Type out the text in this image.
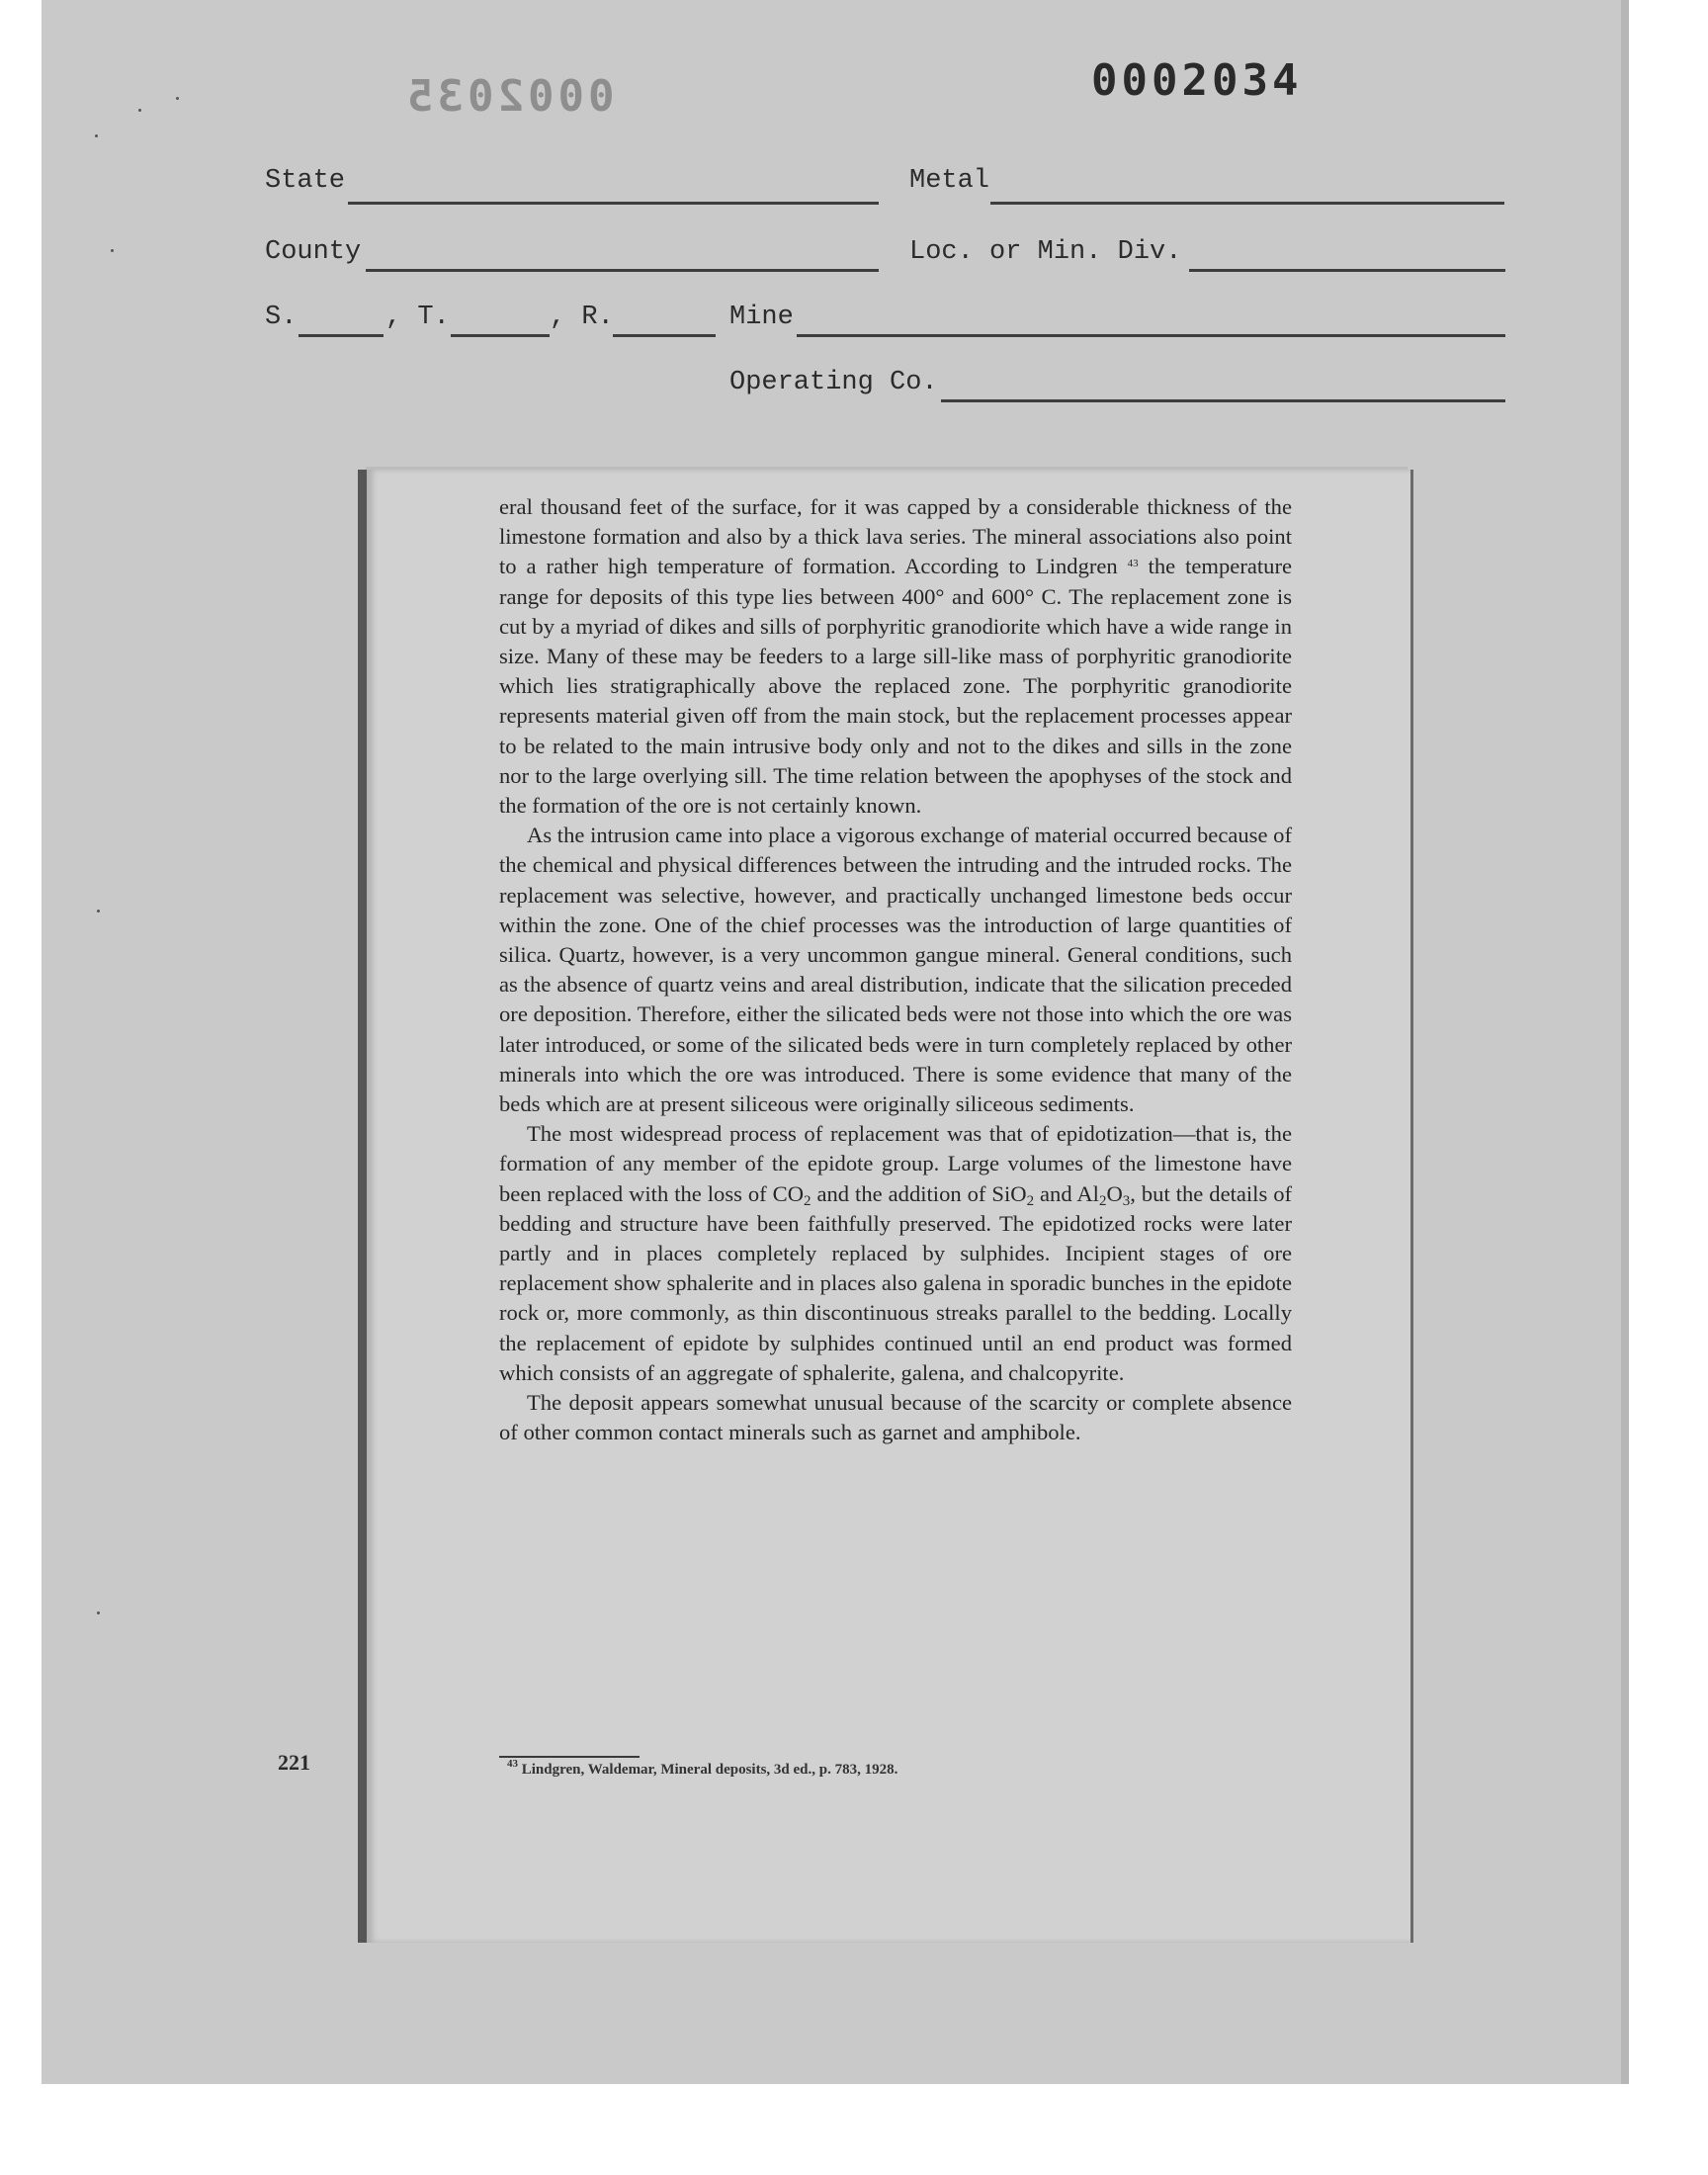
0002034
0002035
State	Metal
County	Loc. or Min. Div.
S.	, T.	, R.	Mine
Operating Co.

eral thousand feet of the surface, for it was capped by a considerable thickness of the limestone formation and also by a thick lava series. The mineral associations also point to a rather high temperature of formation. According to Lindgren $^{43}$ the temperature range for deposits of this type lies between 400° and 600° C. The replacement zone is cut by a myriad of dikes and sills of porphyritic granodiorite which have a wide range in size. Many of these may be feeders to a large sill-like mass of porphyritic granodiorite which lies stratigraphically above the replaced zone. The porphyritic granodiorite represents material given off from the main stock, but the replacement processes appear to be related to the main intrusive body only and not to the dikes and sills in the zone nor to the large overlying sill. The time relation between the apophyses of the stock and the formation of the ore is not certainly known.

As the intrusion came into place a vigorous exchange of material occurred because of the chemical and physical differences between the intruding and the intruded rocks. The replacement was selective, however, and practically unchanged limestone beds occur within the zone. One of the chief processes was the introduction of large quantities of silica. Quartz, however, is a very uncommon gangue mineral. General conditions, such as the absence of quartz veins and areal distribution, indicate that the silication preceded ore deposition. Therefore, either the silicated beds were not those into which the ore was later introduced, or some of the silicated beds were in turn completely replaced by other minerals into which the ore was introduced. There is some evidence that many of the beds which are at present siliceous were originally siliceous sediments.

The most widespread process of replacement was that of epidotization—that is, the formation of any member of the epidote group. Large volumes of the limestone have been replaced with the loss of $CO_2$ and the addition of SiO$_2$ and $Al_2O_3$, but the details of bedding and structure have been faithfully preserved. The epidotized rocks were later partly and in places completely replaced by sulphides. Incipient stages of ore replacement show sphalerite and in places also galena in sporadic bunches in the epidote rock or, more commonly, as thin discontinuous streaks parallel to the bedding. Locally the replacement of epidote by sulphides continued until an end product was formed which consists of an aggregate of sphalerite, galena, and chalcopyrite.

The deposit appears somewhat unusual because of the scarcity or complete absence of other common contact minerals such as garnet and amphibole.

221	$^{43}$ Lindgren, Waldemar, Mineral deposits, 3d ed., p. 783, 1928.
